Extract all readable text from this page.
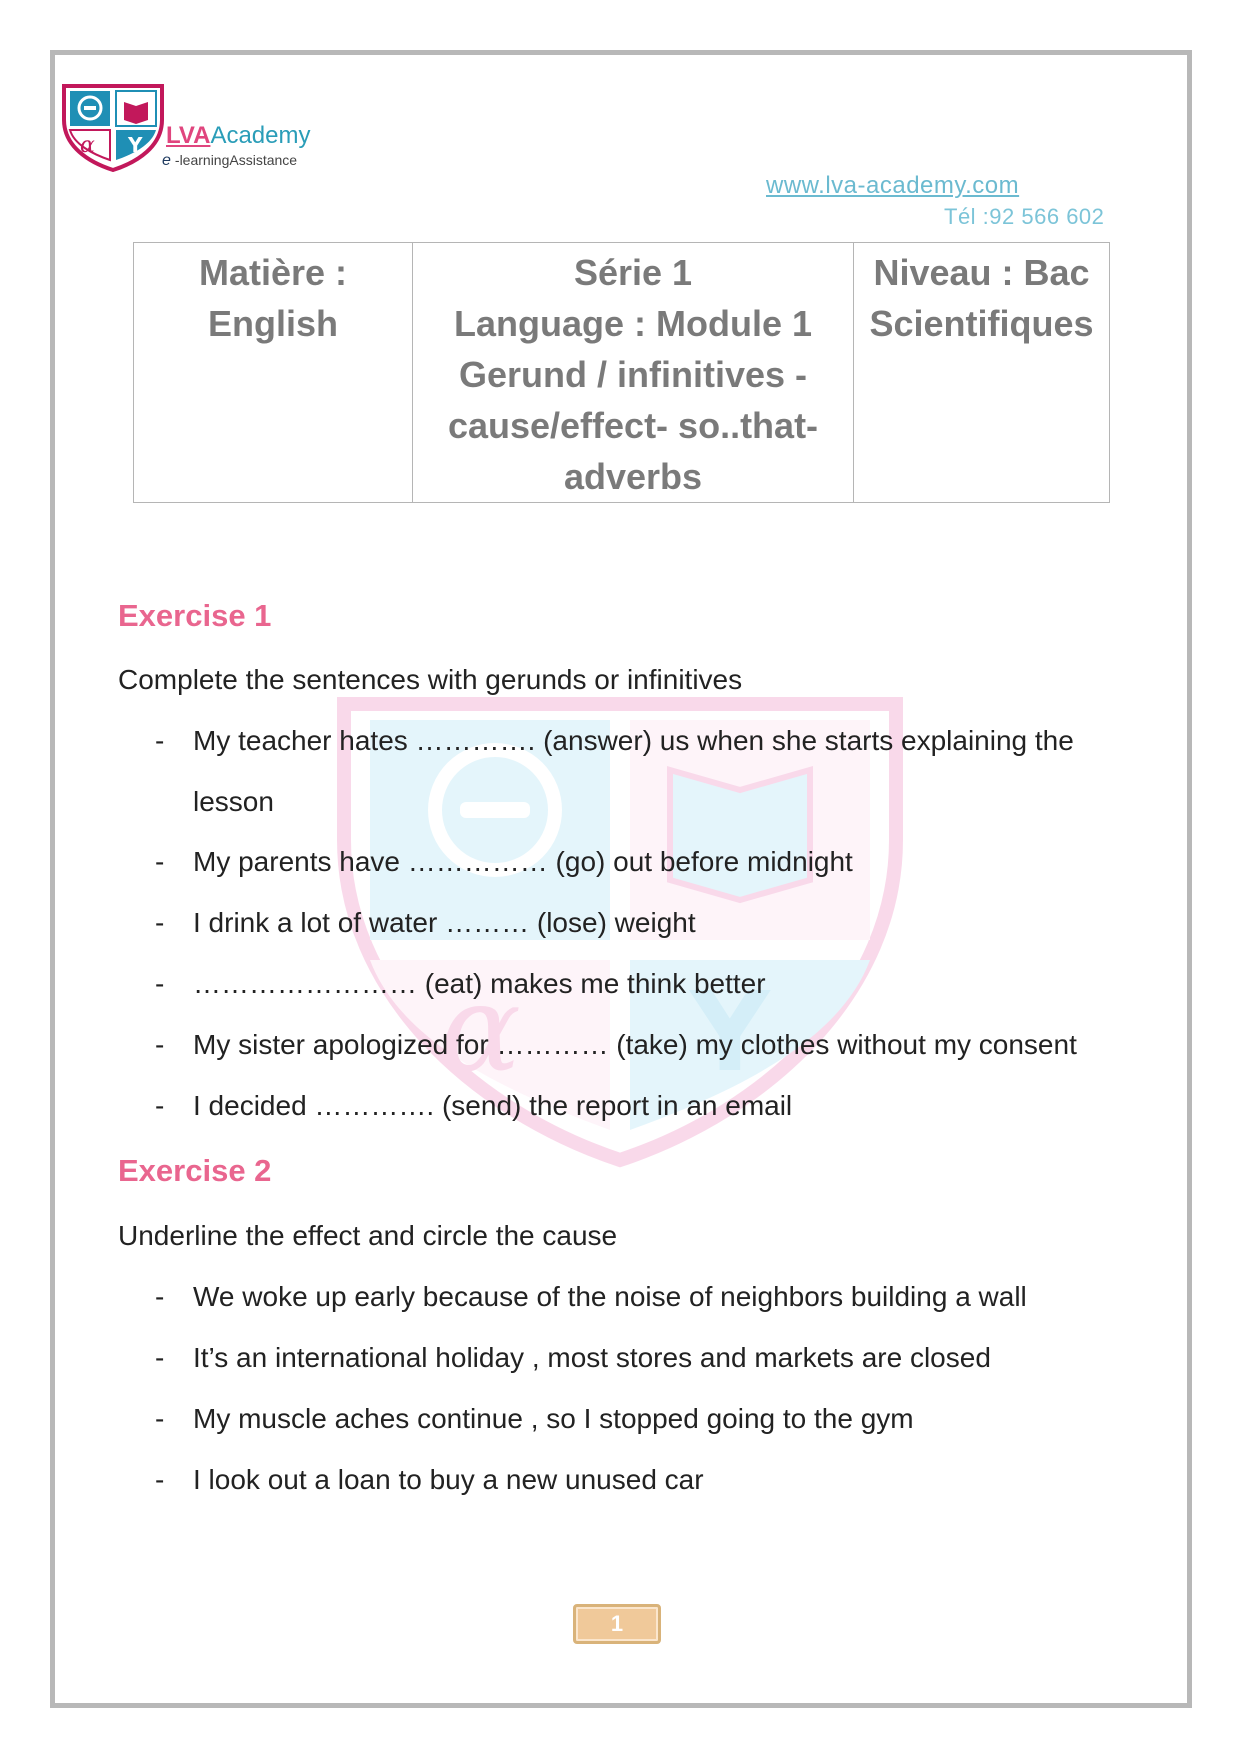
α Y LVAAcademy
e -learningAssistance
www.lva-academy.com
Tél :92 566 602
Matière :
English

Série 1
Language : Module 1
Gerund / infinitives -
cause/effect- so..that-
adverbs

Niveau : Bac
Scientifiques
α Y
Exercise 1
Complete the sentences with gerunds or infinitives
- My teacher hates …………. (answer) us when she starts explaining the
lesson
- My parents have …………… (go) out before midnight
- I drink a lot of water ……… (lose) weight
- …………………… (eat) makes me think better
- My sister apologized for ………… (take) my clothes without my consent
- I decided …………. (send) the report in an email
Exercise 2
Underline the effect and circle the cause
- We woke up early because of the noise of neighbors building a wall
- It’s an international holiday , most stores and markets are closed
- My muscle aches continue , so I stopped going to the gym
- I look out a loan to buy a new unused car
1
